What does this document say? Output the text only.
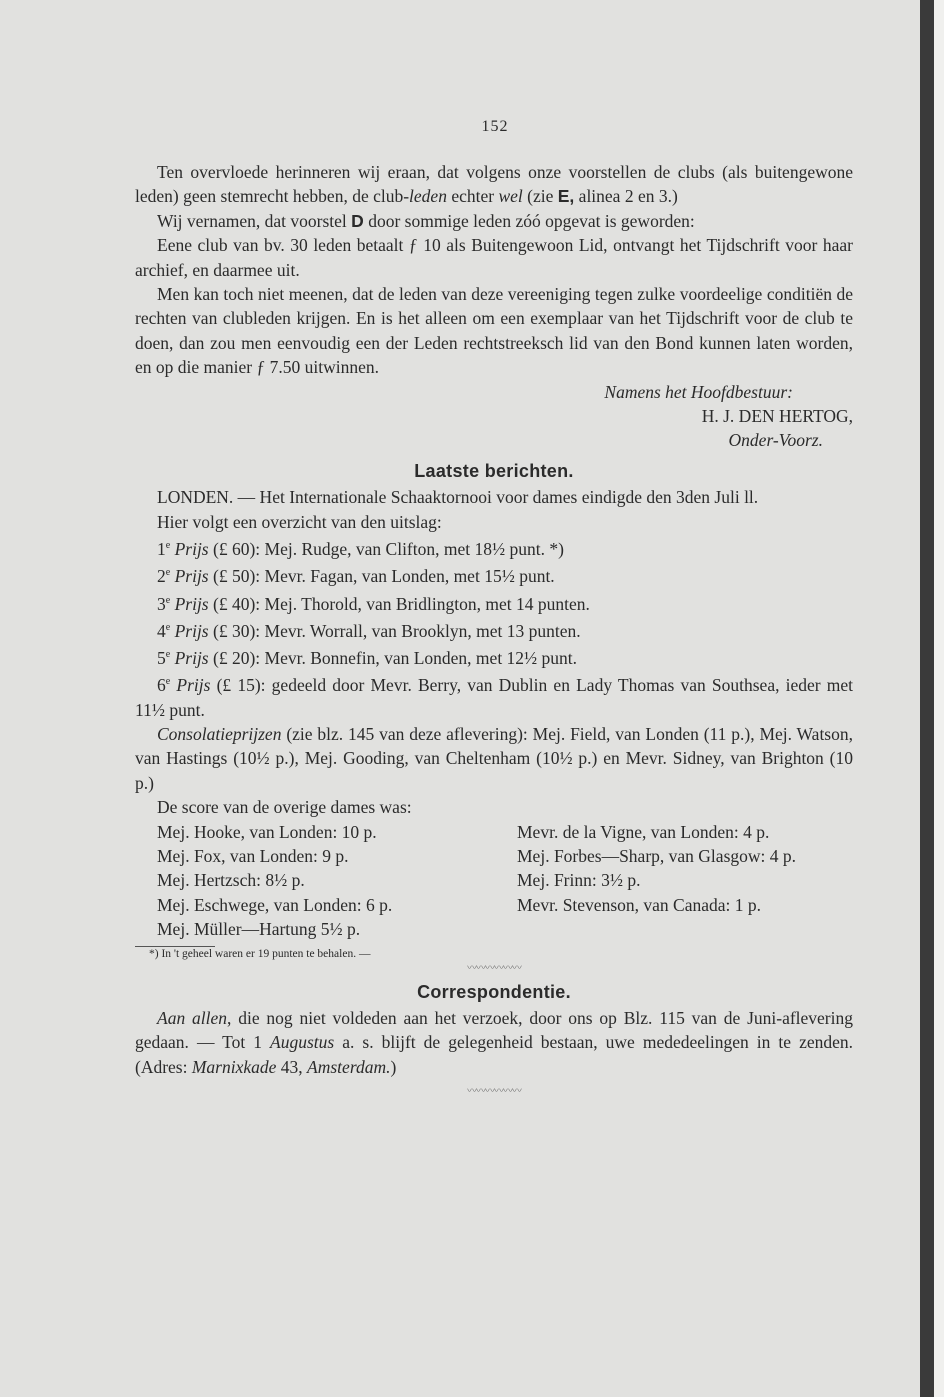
152

Ten overvloede herinneren wij eraan, dat volgens onze voorstellen de clubs (als buitengewone leden) geen stemrecht hebben, de club-leden echter wel (zie E, alinea 2 en 3.)

Wij vernamen, dat voorstel D door sommige leden zóó opgevat is geworden:

Eene club van bv. 30 leden betaalt ƒ 10 als Buitengewoon Lid, ontvangt het Tijdschrift voor haar archief, en daarmee uit.

Men kan toch niet meenen, dat de leden van deze vereeniging tegen zulke voordeelige conditiën de rechten van clubleden krijgen. En is het alleen om een exemplaar van het Tijdschrift voor de club te doen, dan zou men eenvoudig een der Leden rechtstreeksch lid van den Bond kunnen laten worden, en op die manier ƒ 7.50 uitwinnen.

Namens het Hoofdbestuur:

H. J. DEN HERTOG,

Onder-Voorz.

Laatste berichten.

LONDEN. — Het Internationale Schaaktornooi voor dames eindigde den 3den Juli ll.

Hier volgt een overzicht van den uitslag:

1e Prijs (£ 60): Mej. Rudge, van Clifton, met 18½ punt. *)

2e Prijs (£ 50): Mevr. Fagan, van Londen, met 15½ punt.

3e Prijs (£ 40): Mej. Thorold, van Bridlington, met 14 punten.

4e Prijs (£ 30): Mevr. Worrall, van Brooklyn, met 13 punten.

5e Prijs (£ 20): Mevr. Bonnefin, van Londen, met 12½ punt.

6e Prijs (£ 15): gedeeld door Mevr. Berry, van Dublin en Lady Thomas van Southsea, ieder met 11½ punt.

Consolatieprijzen (zie blz. 145 van deze aflevering): Mej. Field, van Londen (11 p.), Mej. Watson, van Hastings (10½ p.), Mej. Gooding, van Cheltenham (10½ p.) en Mevr. Sidney, van Brighton (10 p.)

De score van de overige dames was:

Mej. Hooke, van Londen: 10 p.
Mej. Fox, van Londen: 9 p.
Mej. Hertzsch: 8½ p.
Mej. Eschwege, van Londen: 6 p.
Mej. Müller—Hartung 5½ p.
Mevr. de la Vigne, van Londen: 4 p.
Mej. Forbes—Sharp, van Glasgow: 4 p.
Mej. Frinn: 3½ p.
Mevr. Stevenson, van Canada: 1 p.
*) In 't geheel waren er 19 punten te behalen. —
〰〰〰〰〰〰
Correspondentie.

Aan allen, die nog niet voldeden aan het verzoek, door ons op Blz. 115 van de Juni-aflevering gedaan. — Tot 1 Augustus a. s. blijft de gelegenheid bestaan, uwe mededeelingen in te zenden. (Adres: Marnixkade 43, Amsterdam.)

〰〰〰〰〰〰
